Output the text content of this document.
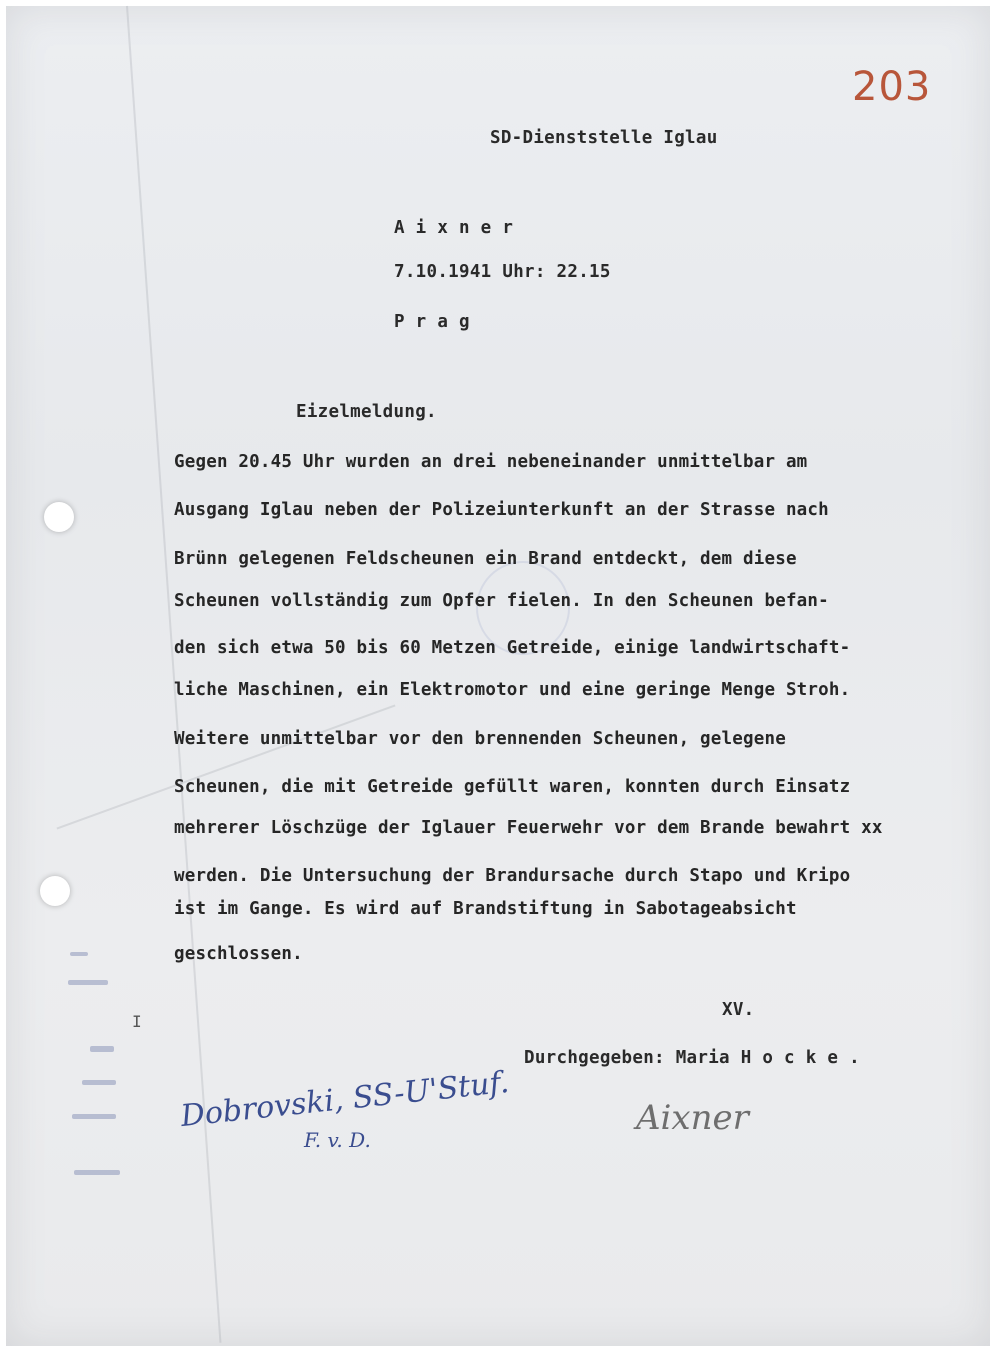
203
SD-Dienststelle Iglau
A i x n e r
7.10.1941 Uhr: 22.15
P r a g
Eizelmeldung.
Gegen 20.45 Uhr wurden an drei nebeneinander unmittelbar am
Ausgang Iglau neben der Polizeiunterkunft an der Strasse nach
Brünn gelegenen Feldscheunen ein Brand entdeckt, dem diese
Scheunen vollständig zum Opfer fielen. In den Scheunen befan-
den sich etwa 50 bis 60 Metzen Getreide, einige landwirtschaft-
liche Maschinen, ein Elektromotor und eine geringe Menge Stroh.
Weitere unmittelbar vor den brennenden Scheunen, gelegene
Scheunen, die mit Getreide gefüllt waren, konnten durch Einsatz
mehrerer Löschzüge der Iglauer Feuerwehr vor dem Brande bewahrt xx
werden. Die Untersuchung der Brandursache durch Stapo und Kripo
ist im Gange. Es wird auf Brandstiftung in Sabotageabsicht
geschlossen.
XV.
Durchgegeben: Maria H o c k e .
I
Dobrovski, SS-U'Stuf.
F. v. D.
Aixner
